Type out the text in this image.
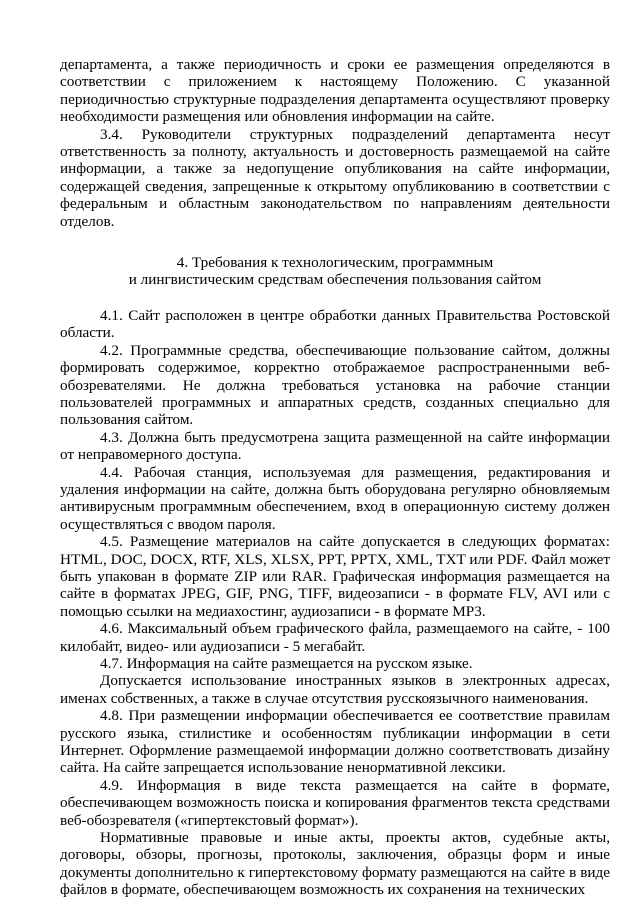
департамента, а также периодичность и сроки ее размещения определяются в соответствии с приложением к настоящему Положению. С указанной периодичностью структурные подразделения департамента осуществляют проверку необходимости размещения или обновления информации на сайте.

3.4. Руководители структурных подразделений департамента несут ответственность за полноту, актуальность и достоверность размещаемой на сайте информации, а также за недопущение опубликования на сайте информации, содержащей сведения, запрещенные к открытому опубликованию в соответствии с федеральным и областным законодательством по направлениям деятельности отделов.

4. Требования к технологическим, программным
и лингвистическим средствам обеспечения пользования сайтом

4.1. Сайт расположен в центре обработки данных Правительства Ростовской области.

4.2. Программные средства, обеспечивающие пользование сайтом, должны формировать содержимое, корректно отображаемое распространенными веб-обозревателями. Не должна требоваться установка на рабочие станции пользователей программных и аппаратных средств, созданных специально для пользования сайтом.

4.3. Должна быть предусмотрена защита размещенной на сайте информации от неправомерного доступа.

4.4. Рабочая станция, используемая для размещения, редактирования и удаления информации на сайте, должна быть оборудована регулярно обновляемым антивирусным программным обеспечением, вход в операционную систему должен осуществляться с вводом пароля.

4.5. Размещение материалов на сайте допускается в следующих форматах: HTML, DOC, DOCX, RTF, XLS, XLSX, PPT, PPTX, XML, TXT или PDF. Файл может быть упакован в формате ZIP или RAR. Графическая информация размещается на сайте в форматах JPEG, GIF, PNG, TIFF, видеозаписи - в формате FLV, AVI или с помощью ссылки на медиахостинг, аудиозаписи - в формате MP3.

4.6. Максимальный объем графического файла, размещаемого на сайте, - 100 килобайт, видео- или аудиозаписи - 5 мегабайт.

4.7. Информация на сайте размещается на русском языке.

Допускается использование иностранных языков в электронных адресах, именах собственных, а также в случае отсутствия русскоязычного наименования.

4.8. При размещении информации обеспечивается ее соответствие правилам русского языка, стилистике и особенностям публикации информации в сети Интернет. Оформление размещаемой информации должно соответствовать дизайну сайта. На сайте запрещается использование ненормативной лексики.

4.9. Информация в виде текста размещается на сайте в формате, обеспечивающем возможность поиска и копирования фрагментов текста средствами веб-обозревателя («гипертекстовый формат»).

Нормативные правовые и иные акты, проекты актов, судебные акты, договоры, обзоры, прогнозы, протоколы, заключения, образцы форм и иные документы дополнительно к гипертекстовому формату размещаются на сайте в виде файлов в формате, обеспечивающем возможность их сохранения на технических
